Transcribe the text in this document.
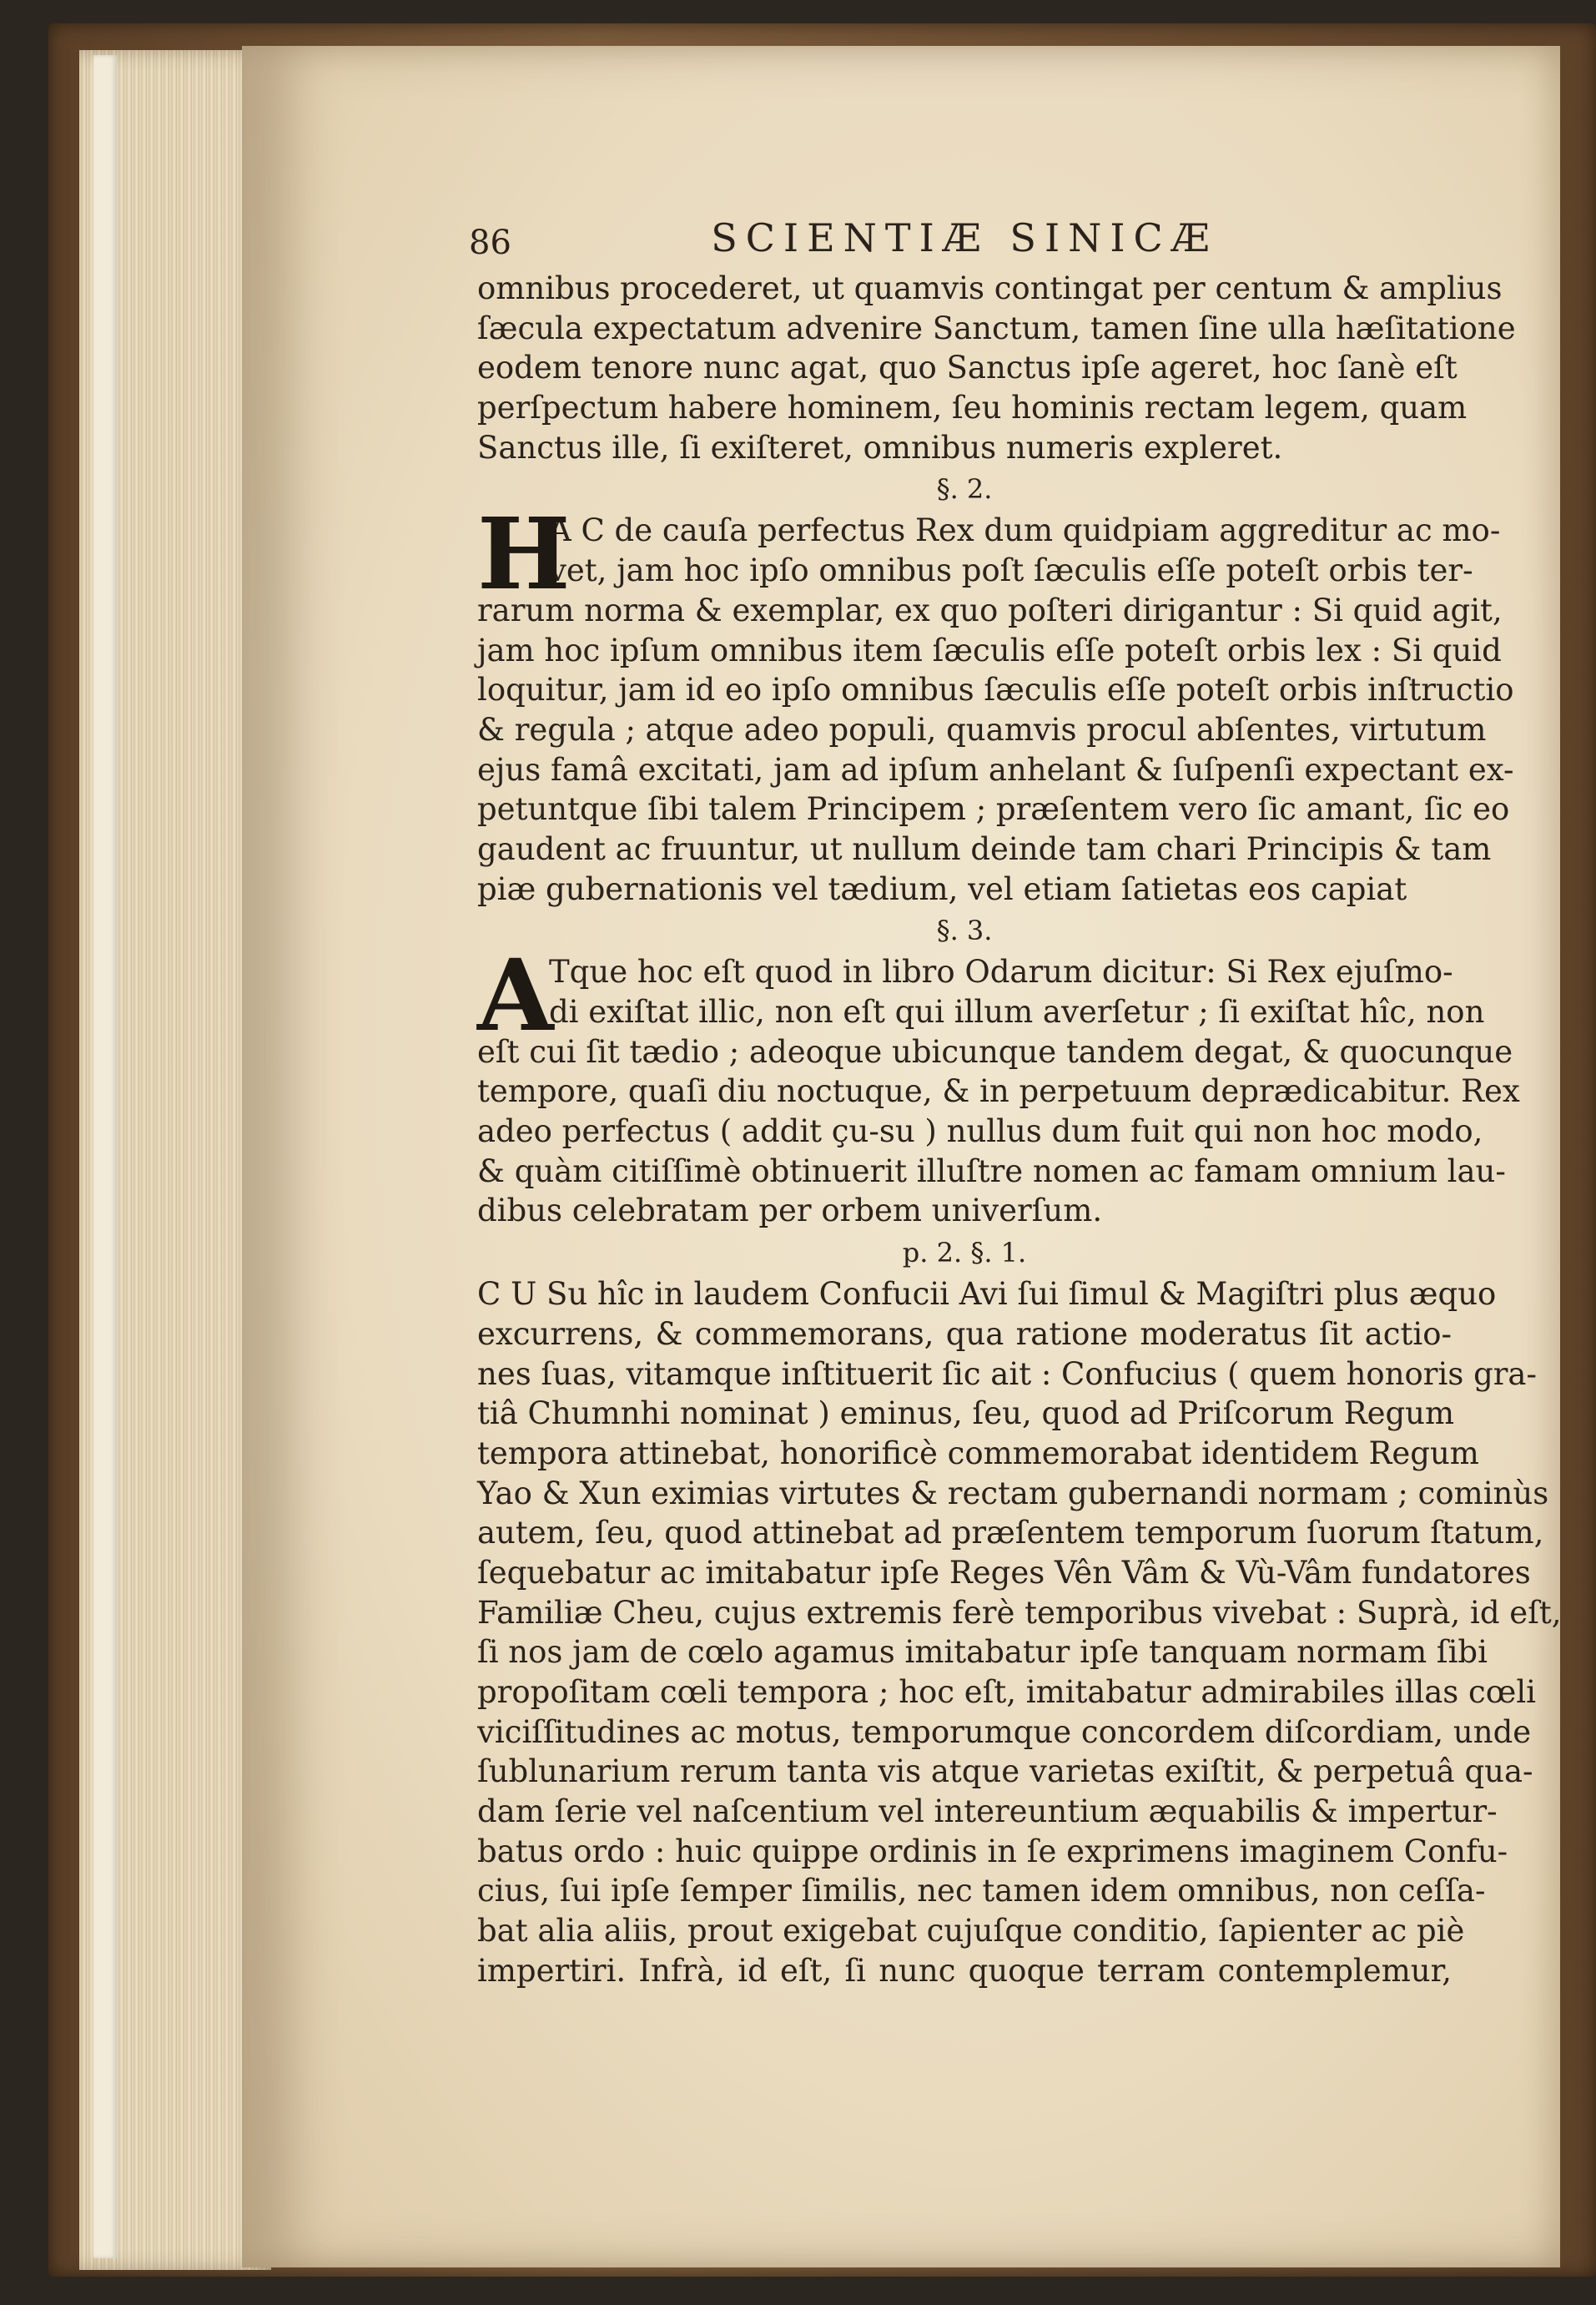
86	SCIENTIÆ SINICÆ
omnibus procederet, ut quamvis contingat per centum & amplius
ſæcula expectatum advenire Sanctum, tamen ſine ulla hæſitatione
eodem tenore nunc agat, quo Sanctus ipſe ageret, hoc ſanè eſt
perſpectum habere hominem, ſeu hominis rectam legem, quam
Sanctus ille, ſi exiſteret, omnibus numeris expleret.
§. 2.
H
A C de cauſa perfectus Rex dum quidpiam aggreditur ac mo-
vet, jam hoc ipſo omnibus poſt ſæculis eſſe poteſt orbis ter-
rarum norma & exemplar, ex quo poſteri dirigantur : Si quid agit,
jam hoc ipſum omnibus item ſæculis eſſe poteſt orbis lex : Si quid
loquitur, jam id eo ipſo omnibus ſæculis eſſe poteſt orbis inſtructio
& regula ; atque adeo populi, quamvis procul abſentes, virtutum
ejus famâ excitati, jam ad ipſum anhelant & ſuſpenſi expectant ex-
petuntque ſibi talem Principem ; præſentem vero ſic amant, ſic eo
gaudent ac fruuntur, ut nullum deinde tam chari Principis & tam
piæ gubernationis vel tædium, vel etiam ſatietas eos capiat
§. 3.
A
Tque hoc eſt quod in libro Odarum dicitur: Si Rex ejuſmo-
di exiſtat illic, non eſt qui illum averſetur ; ſi exiſtat hîc, non
eſt cui ſit tædio ; adeoque ubicunque tandem degat, & quocunque
tempore, quaſi diu noctuque, & in perpetuum deprædicabitur. Rex
adeo perfectus ( addit çu-su ) nullus dum fuit qui non hoc modo,
& quàm citiſſimè obtinuerit illuſtre nomen ac famam omnium lau-
dibus celebratam per orbem univerſum.
p. 2. §. 1.
C U Su hîc in laudem Confucii Avi ſui ſimul & Magiſtri plus æquo
excurrens, & commemorans, qua ratione moderatus ſit actio-
nes ſuas, vitamque inſtituerit ſic ait : Confucius ( quem honoris gra-
tiâ Chumnhi nominat ) eminus, ſeu, quod ad Priſcorum Regum
tempora attinebat, honorificè commemorabat identidem Regum
Yao & Xun eximias virtutes & rectam gubernandi normam ; cominùs
autem, ſeu, quod attinebat ad præſentem temporum ſuorum ſtatum,
ſequebatur ac imitabatur ipſe Reges Vên Vâm & Vù-Vâm fundatores
Familiæ Cheu, cujus extremis ferè temporibus vivebat : Suprà, id eſt,
ſi nos jam de cœlo agamus imitabatur ipſe tanquam normam ſibi
propoſitam cœli tempora ; hoc eſt, imitabatur admirabiles illas cœli
viciſſitudines ac motus, temporumque concordem diſcordiam, unde
ſublunarium rerum tanta vis atque varietas exiſtit, & perpetuâ qua-
dam ſerie vel naſcentium vel intereuntium æquabilis & impertur-
batus ordo : huic quippe ordinis in ſe exprimens imaginem Confu-
cius, ſui ipſe ſemper ſimilis, nec tamen idem omnibus, non ceſſa-
bat alia aliis, prout exigebat cujuſque conditio, ſapienter ac piè
impertiri. Infrà, id eſt, ſi nunc quoque terram contemplemur,
